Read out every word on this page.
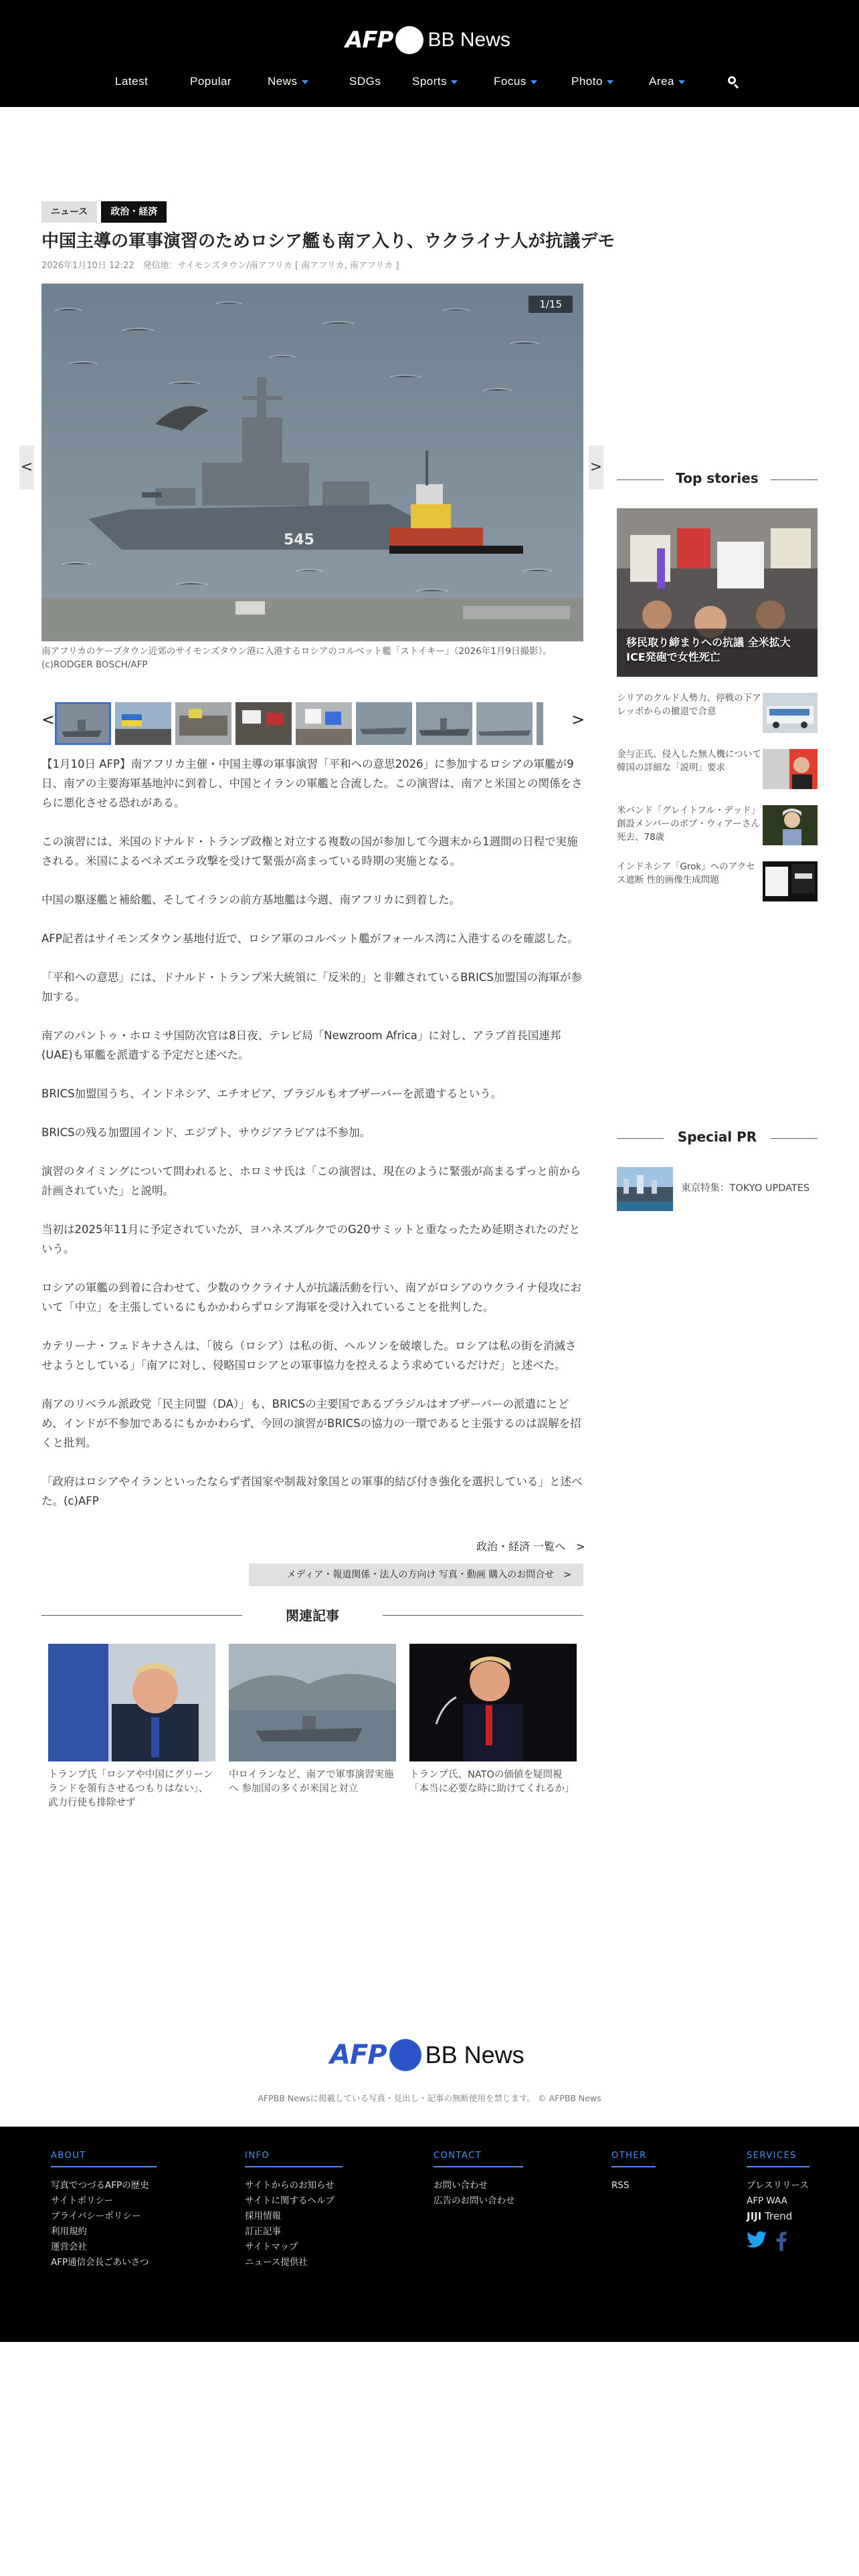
AFP BB News
Latest	Popular	News	SDGs	Sports	Focus	Photo	Area
ニュース	政治・経済
中国主導の軍事演習のためロシア艦も南ア入り、ウクライナ人が抗議デモ
2026年1月10日 12:22　発信地：サイモンズタウン/南アフリカ [ 南アフリカ, 南アフリカ ]
<	>
545
1/15
南アフリカのケープタウン近郊のサイモンズタウン港に入港するロシアのコルベット艦「ストイキー」（2026年1月9日撮影）。(c)RODGER BOSCH/AFP
<	>

【1月10日 AFP】南アフリカ主催・中国主導の軍事演習「平和への意思2026」に参加するロシアの軍艦が9日、南アの主要海軍基地沖に到着し、中国とイランの軍艦と合流した。この演習は、南アと米国との関係をさらに悪化させる恐れがある。

この演習には、米国のドナルド・トランプ政権と対立する複数の国が参加して今週末から1週間の日程で実施される。米国によるベネズエラ攻撃を受けて緊張が高まっている時期の実施となる。

中国の駆逐艦と補給艦、そしてイランの前方基地艦は今週、南アフリカに到着した。

AFP記者はサイモンズタウン基地付近で、ロシア軍のコルベット艦がフォールス湾に入港するのを確認した。

「平和への意思」には、ドナルド・トランプ米大統領に「反米的」と非難されているBRICS加盟国の海軍が参加する。

南アのパントゥ・ホロミサ国防次官は8日夜、テレビ局「Newzroom Africa」に対し、アラブ首長国連邦(UAE)も軍艦を派遣する予定だと述べた。

BRICS加盟国うち、インドネシア、エチオピア、ブラジルもオブザーバーを派遣するという。

BRICSの残る加盟国インド、エジプト、サウジアラビアは不参加。

演習のタイミングについて問われると、ホロミサ氏は「この演習は、現在のように緊張が高まるずっと前から計画されていた」と説明。

当初は2025年11月に予定されていたが、ヨハネスブルクでのG20サミットと重なったため延期されたのだという。

ロシアの軍艦の到着に合わせて、少数のウクライナ人が抗議活動を行い、南アがロシアのウクライナ侵攻において「中立」を主張しているにもかかわらずロシア海軍を受け入れていることを批判した。

カテリーナ・フェドキナさんは、「彼ら（ロシア）は私の街、ヘルソンを破壊した。ロシアは私の街を消滅させようとしている」「南アに対し、侵略国ロシアとの軍事協力を控えるよう求めているだけだ」と述べた。

南アのリベラル派政党「民主同盟（DA）」も、BRICSの主要国であるブラジルはオブザーバーの派遣にとどめ、インドが不参加であるにもかかわらず、今回の演習がBRICSの協力の一環であると主張するのは誤解を招くと批判。

「政府はロシアやイランといったならず者国家や制裁対象国との軍事的結び付き強化を選択している」と述べた。(c)AFP

政治・経済 一覧へ　>
メディア・報道関係・法人の方向け 写真・動画 購入のお問合せ　>
関連記事
トランプ氏「ロシアや中国にグリーンランドを領有させるつもりはない」、武力行使も排除せず
中ロイランなど、南アで軍事演習実施へ 参加国の多くが米国と対立
トランプ氏、NATOの価値を疑問視「本当に必要な時に助けてくれるか」
Top stories
移民取り締まりへの抗議 全米拡大 ICE発砲で女性死亡
シリアのクルド人勢力、停戦の下アレッポからの撤退で合意
金与正氏、侵入した無人機について韓国の詳細な「説明」要求
米バンド「グレイトフル・デッド」創設メンバーのボブ・ウィアーさん死去、78歳
インドネシア「Grok」へのアクセス遮断 性的画像生成問題
Special PR
東京特集：TOKYO UPDATES
AFP BB News
AFPBB Newsに掲載している写真・見出し・記事の無断使用を禁じます。 © AFPBB News
ABOUT
写真でつづるAFPの歴史
サイトポリシー
プライバシーポリシー
利用規約
運営会社
AFP通信会長ごあいさつ
INFO
サイトからのお知らせ
サイトに関するヘルプ
採用情報
訂正記事
サイトマップ
ニュース提供社
CONTACT
お問い合わせ
広告のお問い合わせ
OTHER
RSS
SERVICES
プレスリリース
AFP WAA
JIJI Trend
